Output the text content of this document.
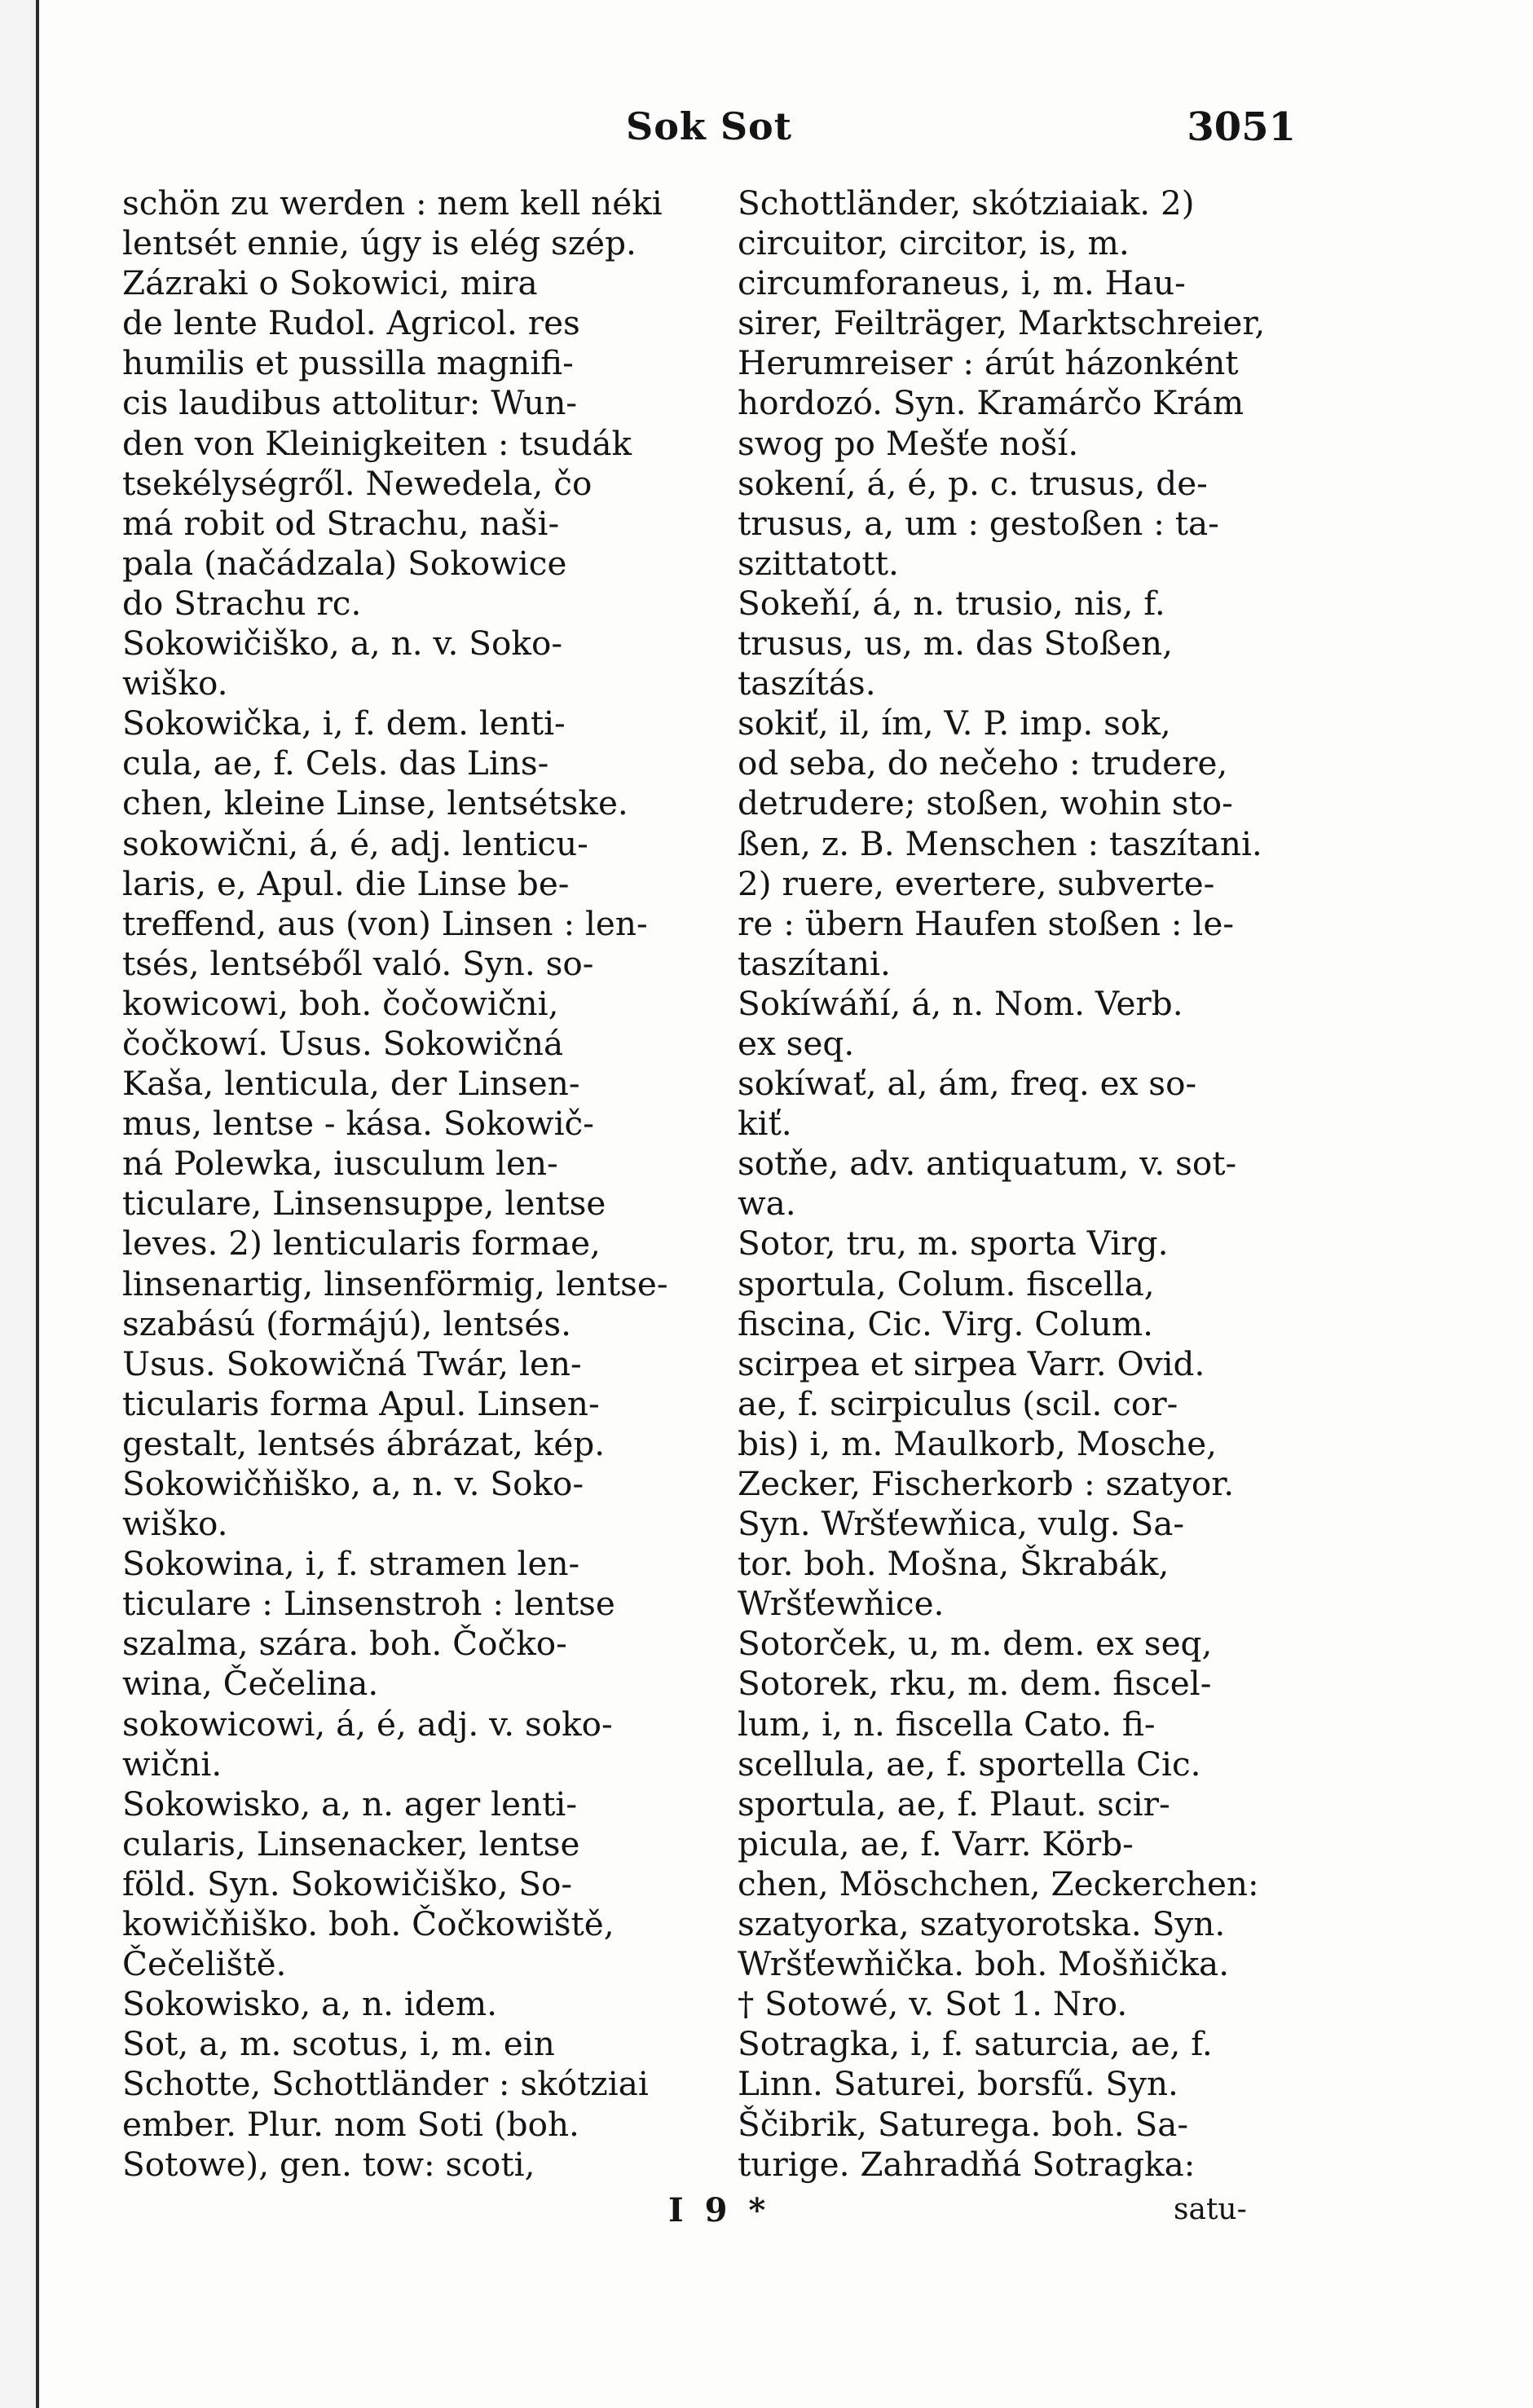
Sok Sot	3051
schön zu werden : nem kell néki
lentsét ennie, úgy is elég szép.
Zázraki o Sokowici, mira
de lente Rudol. Agricol. res
humilis et pussilla magnifi-
cis laudibus attolitur: Wun-
den von Kleinigkeiten : tsudák
tsekélységről. Newedela, čo
má robit od Strachu, naši-
pala (načádzala) Sokowice
do Strachu rc.
Sokowičiško, a, n. v. Soko-
wiško.
Sokowička, i, f. dem. lenti-
cula, ae, f. Cels. das Lins-
chen, kleine Linse, lentsétske.
sokowični, á, é, adj. lenticu-
laris, e, Apul. die Linse be-
treffend, aus (von) Linsen : len-
tsés, lentséből való. Syn. so-
kowicowi, boh. čočowični,
čočkowí. Usus. Sokowičná
Kaša, lenticula, der Linsen-
mus, lentse - kása. Sokowič-
ná Polewka, iusculum len-
ticulare, Linsensuppe, lentse
leves. 2) lenticularis formae,
linsenartig, linsenförmig, lentse-
szabású (formájú), lentsés.
Usus. Sokowičná Twár, len-
ticularis forma Apul. Linsen-
gestalt, lentsés ábrázat, kép.
Sokowičňiško, a, n. v. Soko-
wiško.
Sokowina, i, f. stramen len-
ticulare : Linsenstroh : lentse
szalma, szára. boh. Čočko-
wina, Čečelina.
sokowicowi, á, é, adj. v. soko-
wični.
Sokowisko, a, n. ager lenti-
cularis, Linsenacker, lentse
föld. Syn. Sokowičiško, So-
kowičňiško. boh. Čočkowiště,
Čečeliště.
Sokowisko, a, n. idem.
Sot, a, m. scotus, i, m. ein
Schotte, Schottländer : skótziai
ember. Plur. nom Soti (boh.
Sotowe), gen. tow: scoti,
Schottländer, skótziaiak. 2)
circuitor, circitor, is, m.
circumforaneus, i, m. Hau-
sirer, Feilträger, Marktschreier,
Herumreiser : árút házonként
hordozó. Syn. Kramárčo Krám
swog po Mešťe noší.
sokení, á, é, p. c. trusus, de-
trusus, a, um : gestoßen : ta-
szittatott.
Sokeňí, á, n. trusio, nis, f.
trusus, us, m. das Stoßen,
taszítás.
sokiť, il, ím, V. P. imp. sok,
od seba, do nečeho : trudere,
detrudere; stoßen, wohin sto-
ßen, z. B. Menschen : taszítani.
2) ruere, evertere, subverte-
re : übern Haufen stoßen : le-
taszítani.
Sokíwáňí, á, n. Nom. Verb.
ex seq.
sokíwať, al, ám, freq. ex so-
kiť.
sotňe, adv. antiquatum, v. sot-
wa.
Sotor, tru, m. sporta Virg.
sportula, Colum. fiscella,
fiscina, Cic. Virg. Colum.
scirpea et sirpea Varr. Ovid.
ae, f. scirpiculus (scil. cor-
bis) i, m. Maulkorb, Mosche,
Zecker, Fischerkorb : szatyor.
Syn. Wršťewňica, vulg. Sa-
tor. boh. Mošna, Škrabák,
Wršťewňice.
Sotorček, u, m. dem. ex seq,
Sotorek, rku, m. dem. fiscel-
lum, i, n. fiscella Cato. fi-
scellula, ae, f. sportella Cic.
sportula, ae, f. Plaut. scir-
picula, ae, f. Varr. Körb-
chen, Möschchen, Zeckerchen:
szatyorka, szatyorotska. Syn.
Wršťewňička. boh. Mošňička.
† Sotowé, v. Sot 1. Nro.
Sotragka, i, f. saturcia, ae, f.
Linn. Saturei, borsfű. Syn.
Ščibrik, Saturega. boh. Sa-
turige. Zahradňá Sotragka:
I 9 *	satu-
